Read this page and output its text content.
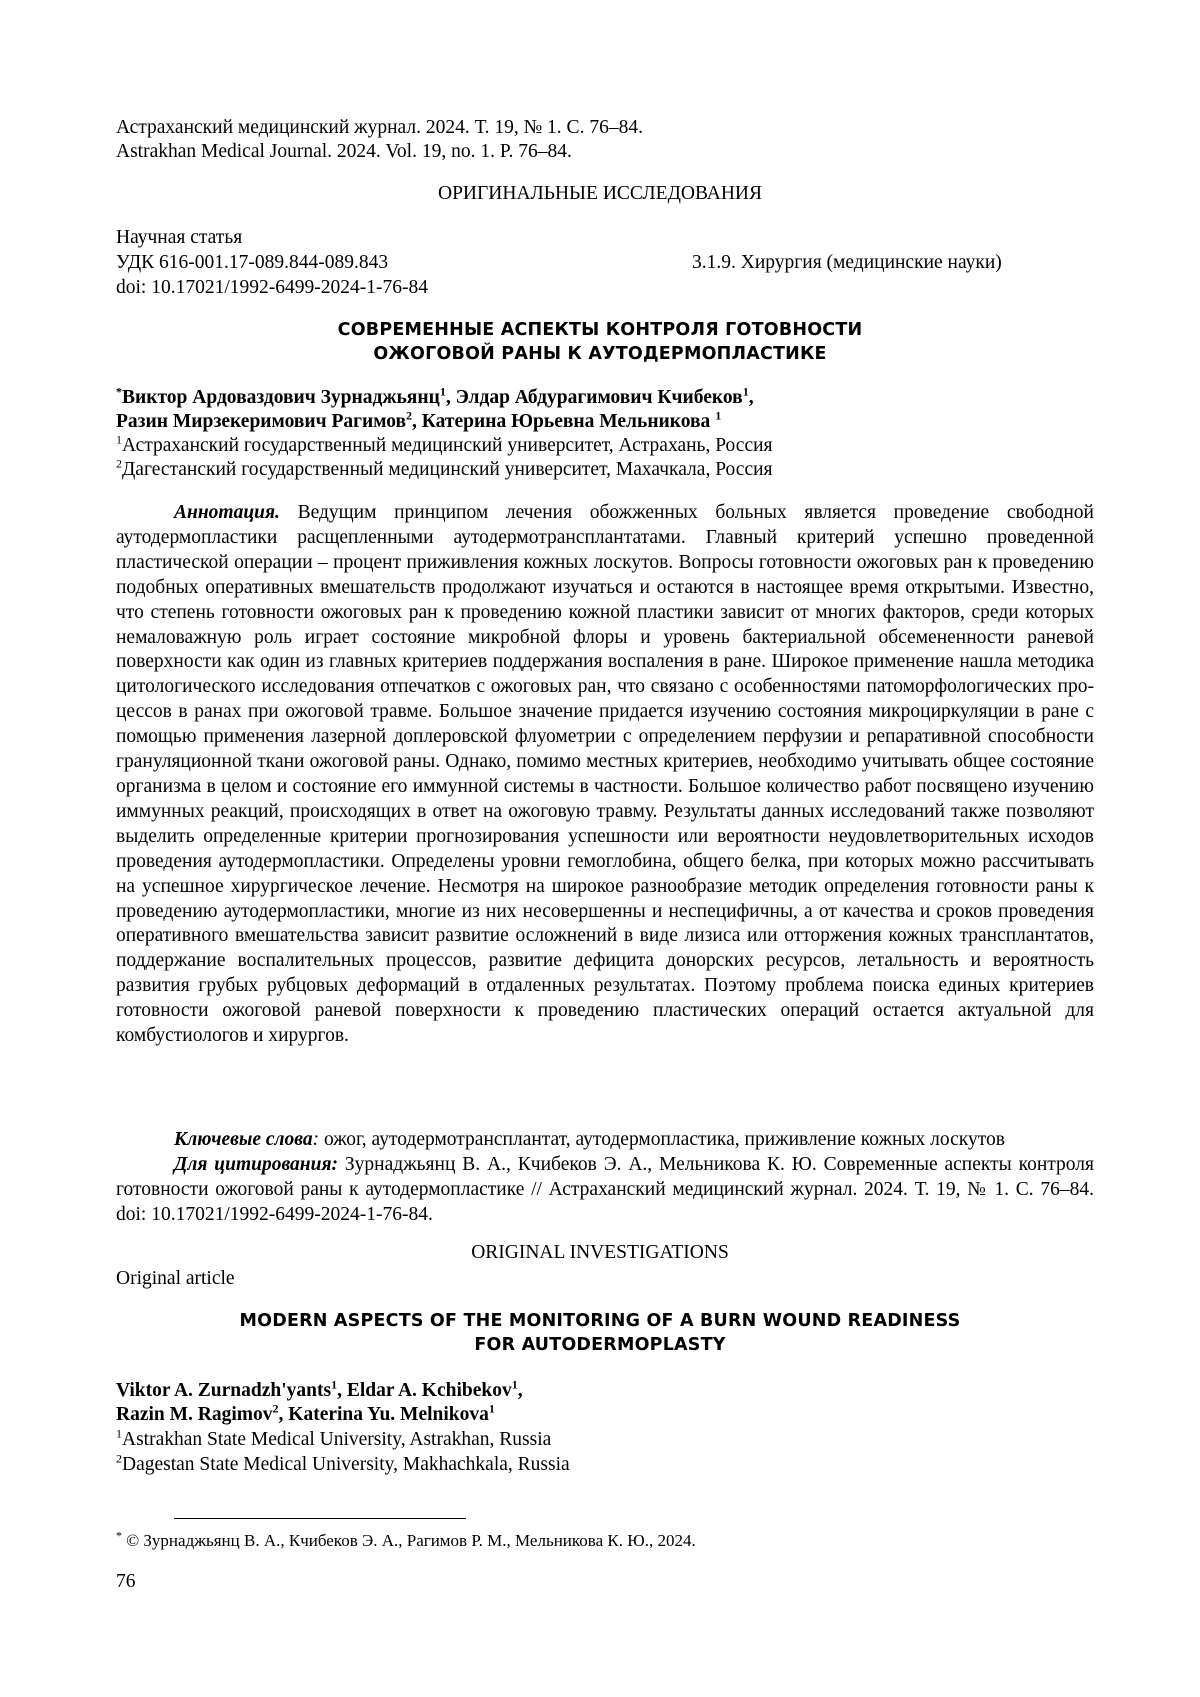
Астраханский медицинский журнал. 2024. Т. 19, № 1. С. 76–84.
Astrakhan Medical Journal. 2024. Vol. 19, no. 1. P. 76–84.
ОРИГИНАЛЬНЫЕ ИССЛЕДОВАНИЯ
Научная статья
УДК 616-001.17-089.844-089.843	3.1.9. Хирургия (медицинские науки)
doi: 10.17021/1992-6499-2024-1-76-84
СОВРЕМЕННЫЕ АСПЕКТЫ КОНТРОЛЯ ГОТОВНОСТИ
ОЖОГОВОЙ РАНЫ К АУТОДЕРМОПЛАСТИКЕ
*Виктор Ардоваздович Зурнаджьянц$^1$, Элдар Абдурагимович Кчибеков$^1$,
Разин Мирзекеримович Рагимов$^2$, Катерина Юрьевна Мельникова $^1$
$^1$Астраханский государственный медицинский университет, Астрахань, Россия
$^2$Дагестанский государственный медицинский университет, Махачкала, Россия
Аннотация. Ведущим принципом лечения обожженных больных является проведение свободной аутодермопластики расщепленными аутодермотрансплантатами. Главный критерий успешно проведенной пластической операции – процент приживления кожных лоскутов. Вопросы готовности ожоговых ран к проведению подобных оперативных вмешательств продолжают изучаться и остаются в настоящее время открытыми. Известно, что степень готовности ожоговых ран к проведению кожной пластики зависит от многих факторов, среди которых немаловажную роль играет состояние микробной флоры и уровень бактериальной обсемененности раневой поверхности как один из главных критериев поддержания воспаления в ране. Широкое применение нашла методика цитологического исследования отпечатков с ожоговых ран, что связано с особенностями патоморфологических процессов в ранах при ожоговой травме. Большое значение придается изучению состояния микроциркуляции в ране с помощью применения лазерной доплеровской флуометрии с определением перфузии и репаративной способности грануляционной ткани ожоговой раны. Однако, помимо местных критериев, необходимо учитывать общее состояние организма в целом и состояние его иммунной системы в частности. Большое количество работ посвящено изучению иммунных реакций, происходящих в ответ на ожоговую травму. Результаты данных исследований также позволяют выделить определенные критерии прогнозирования успешности или вероятности неудовлетворительных исходов проведения аутодермопластики. Определены уровни гемоглобина, общего белка, при которых можно рассчитывать на успешное хирургическое лечение. Несмотря на широкое разнообразие методик определения готовности раны к проведению аутодермопластики, многие из них несовершенны и неспецифичны, а от качества и сроков проведения оперативного вмешательства зависит развитие осложнений в виде лизиса или отторжения кожных трансплантатов, поддержание воспалительных процессов, развитие дефицита донорских ресурсов, летальность и вероятность развития грубых рубцовых деформаций в отдаленных результатах. Поэтому проблема поиска единых критериев готовности ожоговой раневой поверхности к проведению пластических операций остается актуальной для комбустиологов и хирургов.
Ключевые слова: ожог, аутодермотрансплантат, аутодермопластика, приживление кожных лоскутов
Для цитирования: Зурнаджьянц В. А., Кчибеков Э. А., Мельникова К. Ю. Современные аспекты контроля готовности ожоговой раны к аутодермопластике // Астраханский медицинский журнал. 2024. Т. 19, № 1. С. 76–84. doi: 10.17021/1992-6499-2024-1-76-84.
ORIGINAL INVESTIGATIONS
Original article
MODERN ASPECTS OF THE MONITORING OF A BURN WOUND READINESS
FOR AUTODERMOPLASTY
Viktor A. Zurnadzh'yants$^1$, Eldar A. Kchibekov$^1$,
Razin M. Ragimov$^2$, Katerina Yu. Melnikova$^1$
$^1$Astrakhan State Medical University, Astrakhan, Russia
$^2$Dagestan State Medical University, Makhachkala, Russia
* © Зурнаджьянц В. А., Кчибеков Э. А., Рагимов Р. М., Мельникова К. Ю., 2024.
76
